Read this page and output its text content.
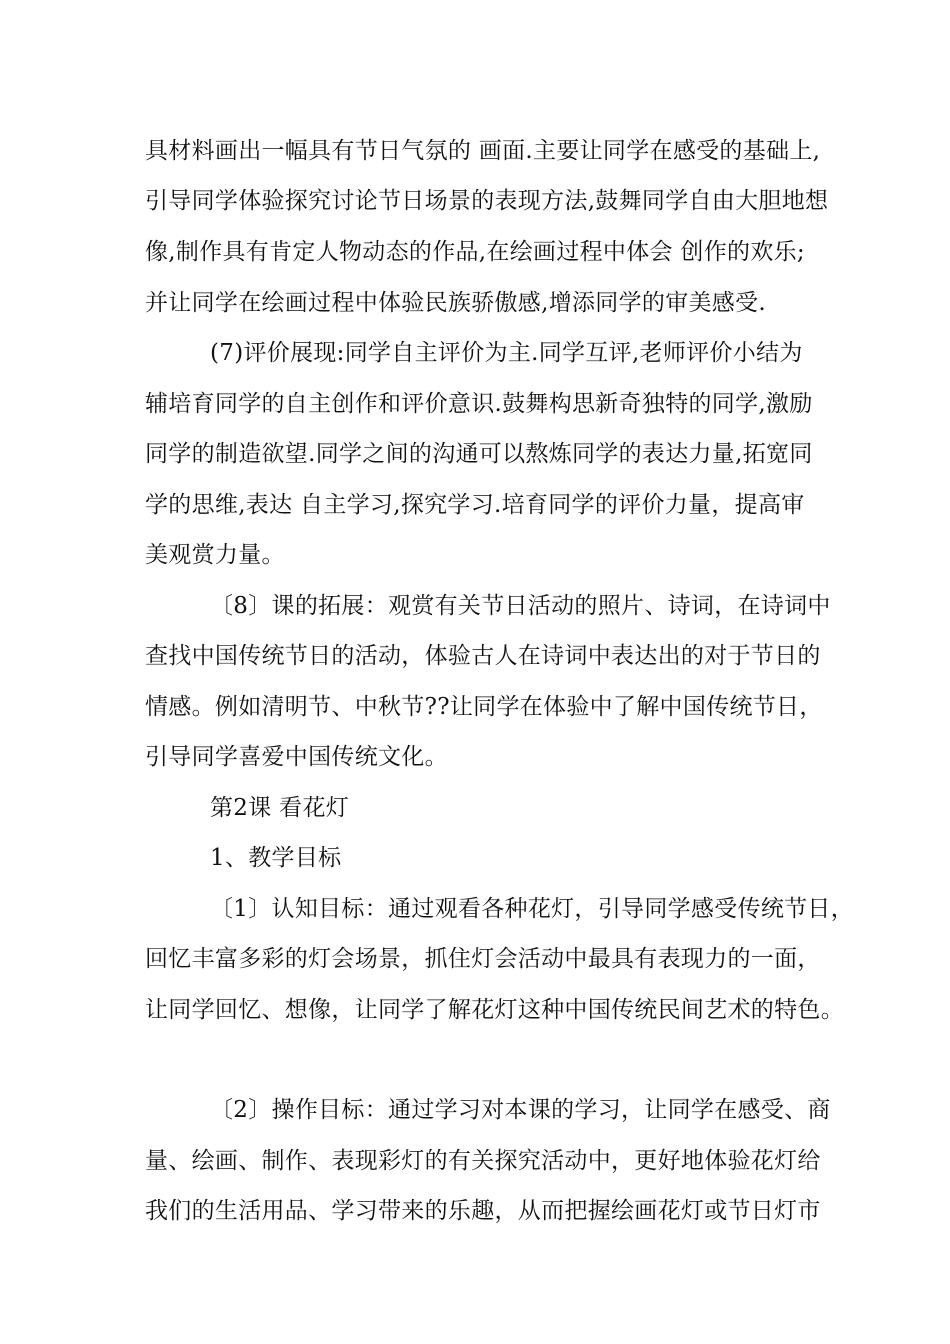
具材料画出一幅具有节日气氛的 画面.主要让同学在感受的基础上,
引导同学体验探究讨论节日场景的表现方法,鼓舞同学自由大胆地想
像,制作具有肯定人物动态的作品,在绘画过程中体会 创作的欢乐;
并让同学在绘画过程中体验民族骄傲感,增添同学的审美感受.
(7)评价展现:同学自主评价为主.同学互评,老师评价小结为
辅培育同学的自主创作和评价意识.鼓舞构思新奇独特的同学,激励
同学的制造欲望.同学之间的沟通可以熬炼同学的表达力量,拓宽同
学的思维,表达 自主学习,探究学习.培育同学的评价力量，提高审
美观赏力量。
〔8〕课的拓展：观赏有关节日活动的照片、诗词，在诗词中
查找中国传统节日的活动，体验古人在诗词中表达出的对于节日的
情感。例如清明节、中秋节??让同学在体验中了解中国传统节日，
引导同学喜爱中国传统文化。
第2课 看花灯
1、教学目标
〔1〕认知目标：通过观看各种花灯，引导同学感受传统节日，
回忆丰富多彩的灯会场景，抓住灯会活动中最具有表现力的一面，
让同学回忆、想像，让同学了解花灯这种中国传统民间艺术的特色。
〔2〕操作目标：通过学习对本课的学习，让同学在感受、商
量、绘画、制作、表现彩灯的有关探究活动中，更好地体验花灯给
我们的生活用品、学习带来的乐趣，从而把握绘画花灯或节日灯市
